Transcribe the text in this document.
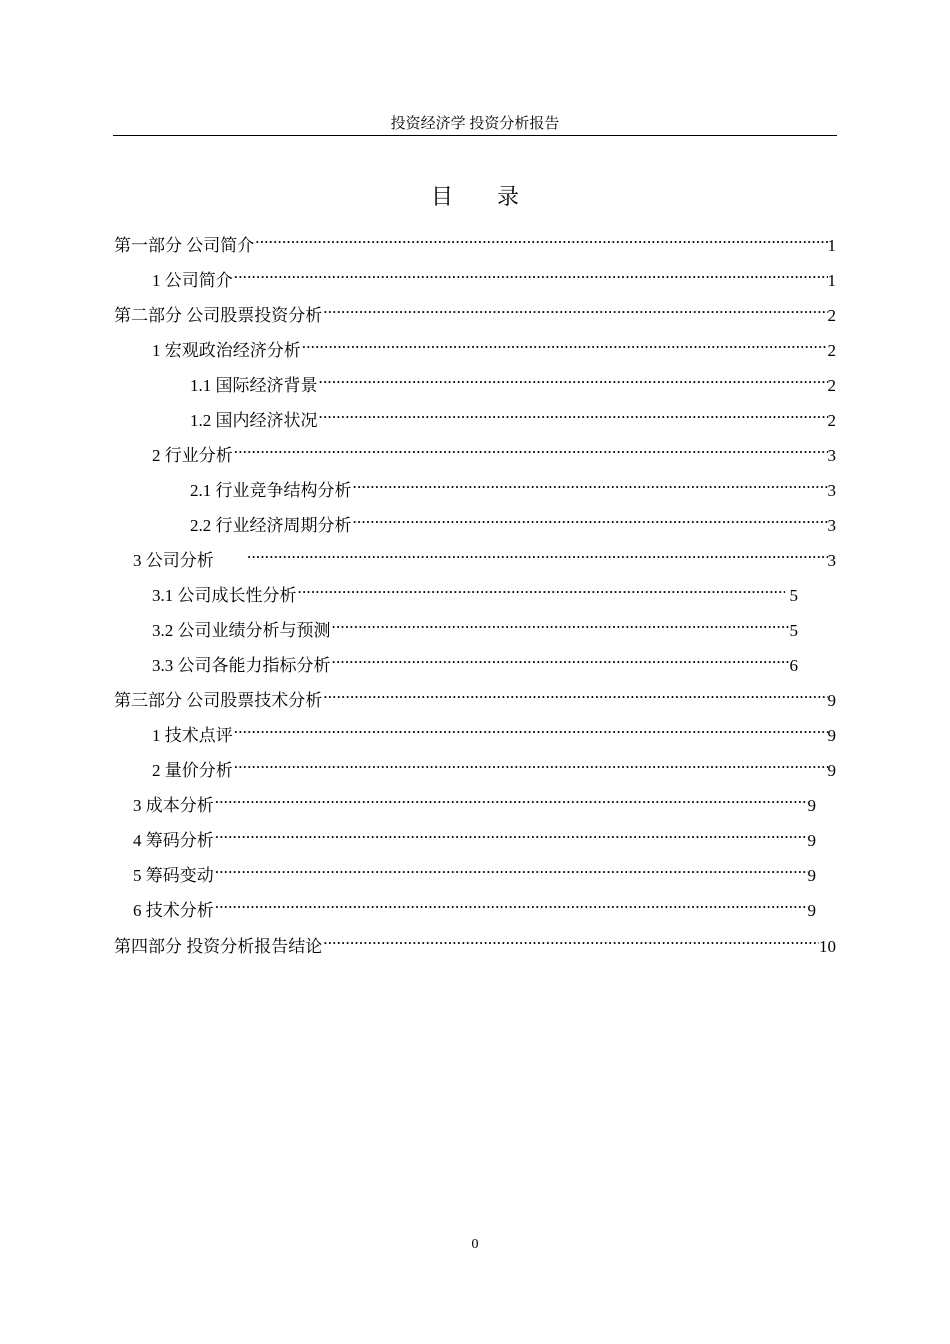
投资经济学 投资分析报告
目 录
第一部分 公司简介 .....	1
1 公司简介 .....	1
第二部分 公司股票投资分析 .....	2
1 宏观政治经济分析 .....	2
1.1 国际经济背景 .....	2
1.2 国内经济状况 .....	2
2 行业分析 .....	3
2.1 行业竞争结构分析 .....	3
2.2 行业经济周期分析 .....	3
3 公司分析 .....	3
3.1 公司成长性分析 .....	5
3.2 公司业绩分析与预测 .....	5
3.3 公司各能力指标分析 .....	6
第三部分 公司股票技术分析 .....	9
1 技术点评 .....	9
2 量价分析 .....	9
3 成本分析 .....	9
4 筹码分析 .....	9
5 筹码变动 .....	9
6 技术分析 .....	9
第四部分 投资分析报告结论 .....	10
0
